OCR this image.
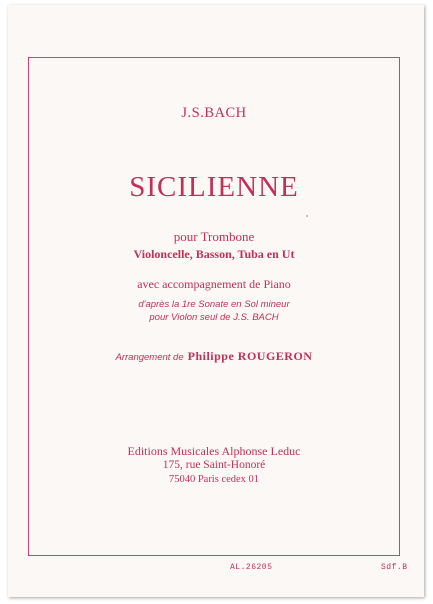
J.S.BACH
SICILIENNE
pour Trombone
Violoncelle, Basson, Tuba en Ut
avec accompagnement de Piano
d'après la 1re Sonate en Sol mineur
pour Violon seul de J.S. BACH
Arrangement de Philippe ROUGERON
Editions Musicales Alphonse Leduc
175, rue Saint-Honoré
75040 Paris cedex 01
AL.26205	Sdf.B
